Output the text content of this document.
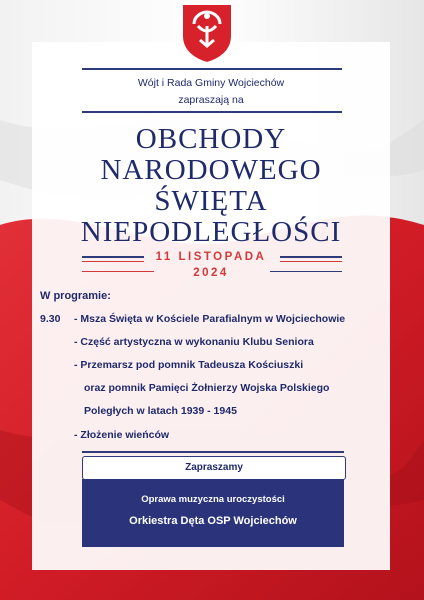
Wójt i Rada Gminy Wojciechów
zapraszają na
OBCHODY
NARODOWEGO
ŚWIĘTA
NIEPODLEGŁOŚCI
11 LISTOPADA
2024
W programie:
9.30 - Msza Święta w Kościele Parafialnym w Wojciechowie
- Część artystyczna w wykonaniu Klubu Seniora
- Przemarsz pod pomnik Tadeusza Kościuszki
oraz pomnik Pamięci Żołnierzy Wojska Polskiego
Poległych w latach 1939 - 1945
- Złożenie wieńców
Zapraszamy
Oprawa muzyczna uroczystości
Orkiestra Dęta OSP Wojciechów
